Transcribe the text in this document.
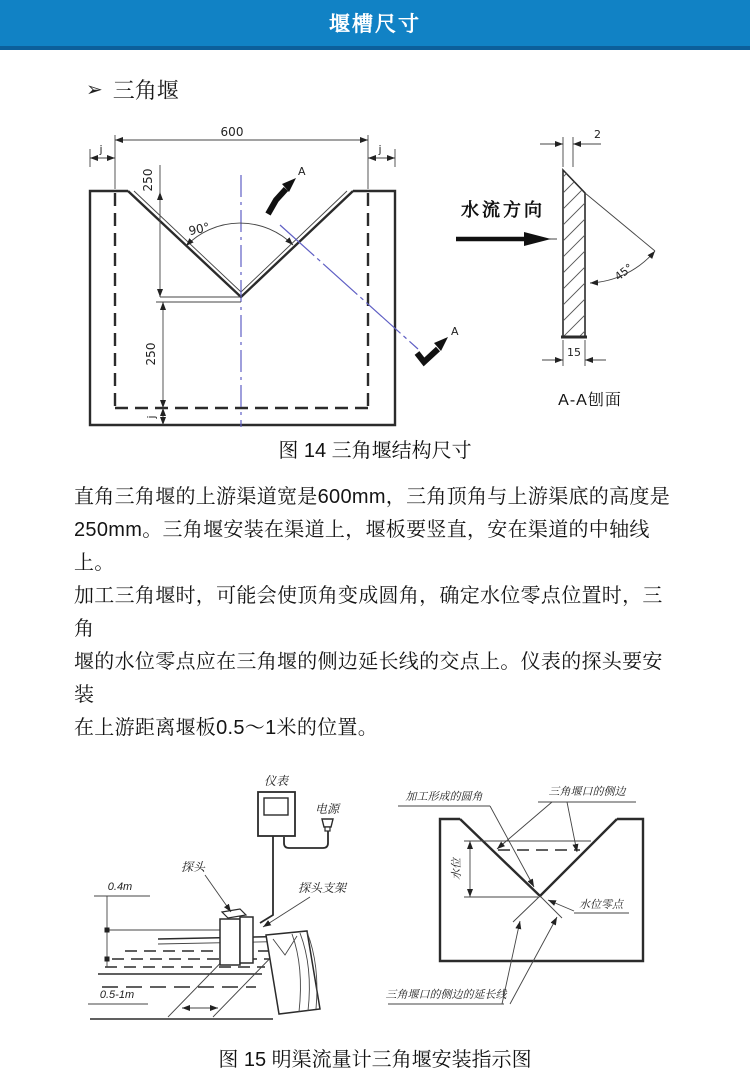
堰槽尺寸
➢ 三角堰
600
j	j
250
250
j
90°
A
A
水流方向
45°
2
15
A-A刨面
图 14 三角堰结构尺寸
直角三角堰的上游渠道宽是600mm，三角顶角与上游渠底的高度是
250mm。三角堰安装在渠道上，堰板要竖直，安在渠道的中轴线上。
加工三角堰时，可能会使顶角变成圆角，确定水位零点位置时，三角
堰的水位零点应在三角堰的侧边延长线的交点上。仪表的探头要安装
在上游距离堰板0.5～1米的位置。
仪表
电源
探头
探头支架
0.4m
0.5-1m
水位
加工形成的圆角	三角堰口的侧边
水位零点
三角堰口的侧边的延长线
图 15 明渠流量计三角堰安装指示图
